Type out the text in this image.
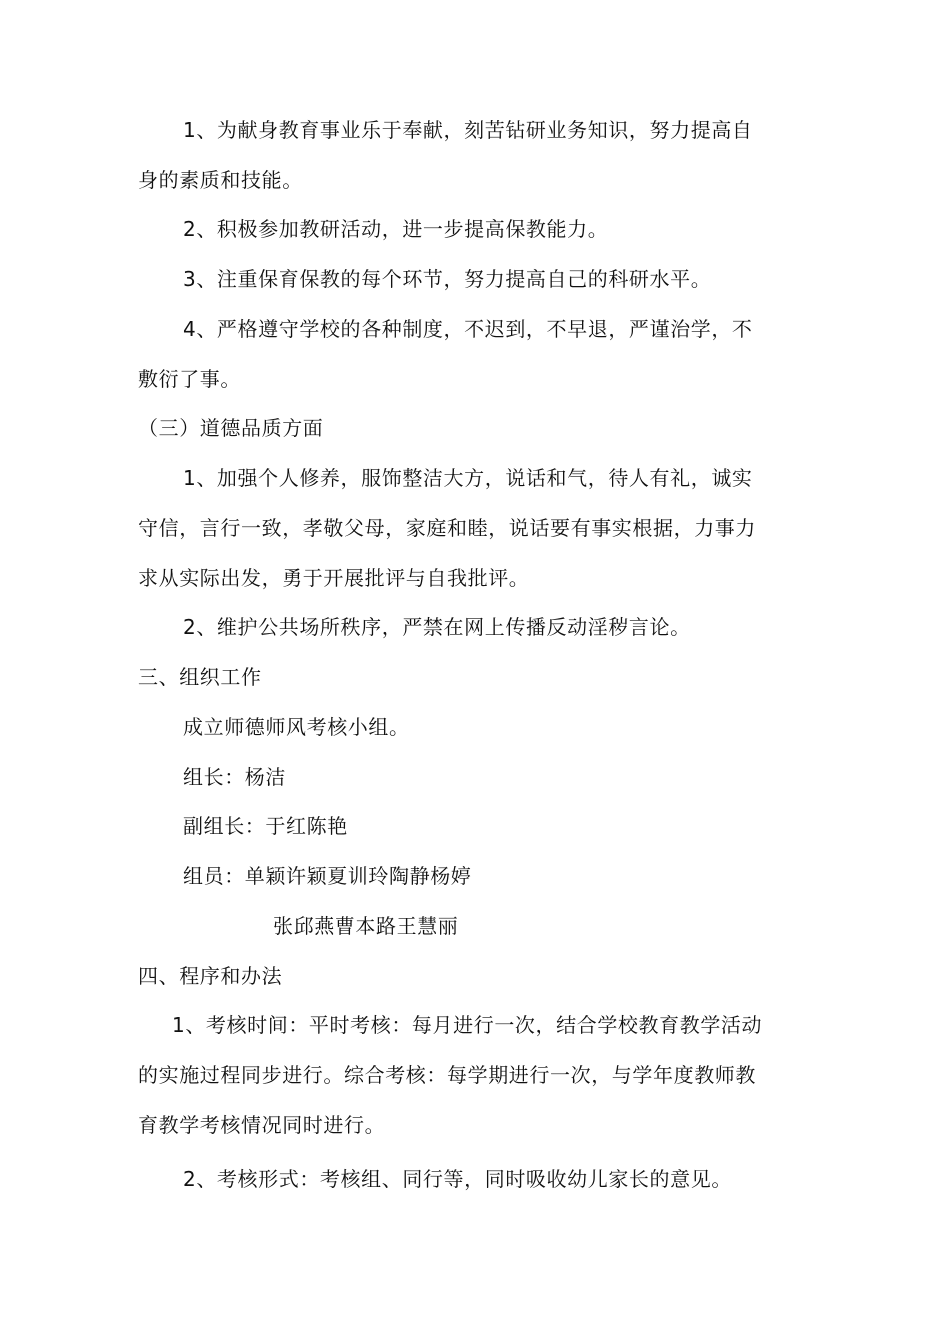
1、为献身教育事业乐于奉献，刻苦钻研业务知识，努力提高自
身的素质和技能。
2、积极参加教研活动，进一步提高保教能力。
3、注重保育保教的每个环节，努力提高自己的科研水平。
4、严格遵守学校的各种制度，不迟到，不早退，严谨治学，不
敷衍了事。
（三）道德品质方面
1、加强个人修养，服饰整洁大方，说话和气，待人有礼，诚实
守信，言行一致，孝敬父母，家庭和睦，说话要有事实根据，力事力
求从实际出发，勇于开展批评与自我批评。
2、维护公共场所秩序，严禁在网上传播反动淫秽言论。
三、组织工作
成立师德师风考核小组。
组长：杨洁
副组长：于红陈艳
组员：单颖许颖夏训玲陶静杨婷
张邱燕曹本路王慧丽
四、程序和办法
1、考核时间：平时考核：每月进行一次，结合学校教育教学活动
的实施过程同步进行。综合考核：每学期进行一次，与学年度教师教
育教学考核情况同时进行。
2、考核形式：考核组、同行等，同时吸收幼儿家长的意见。
